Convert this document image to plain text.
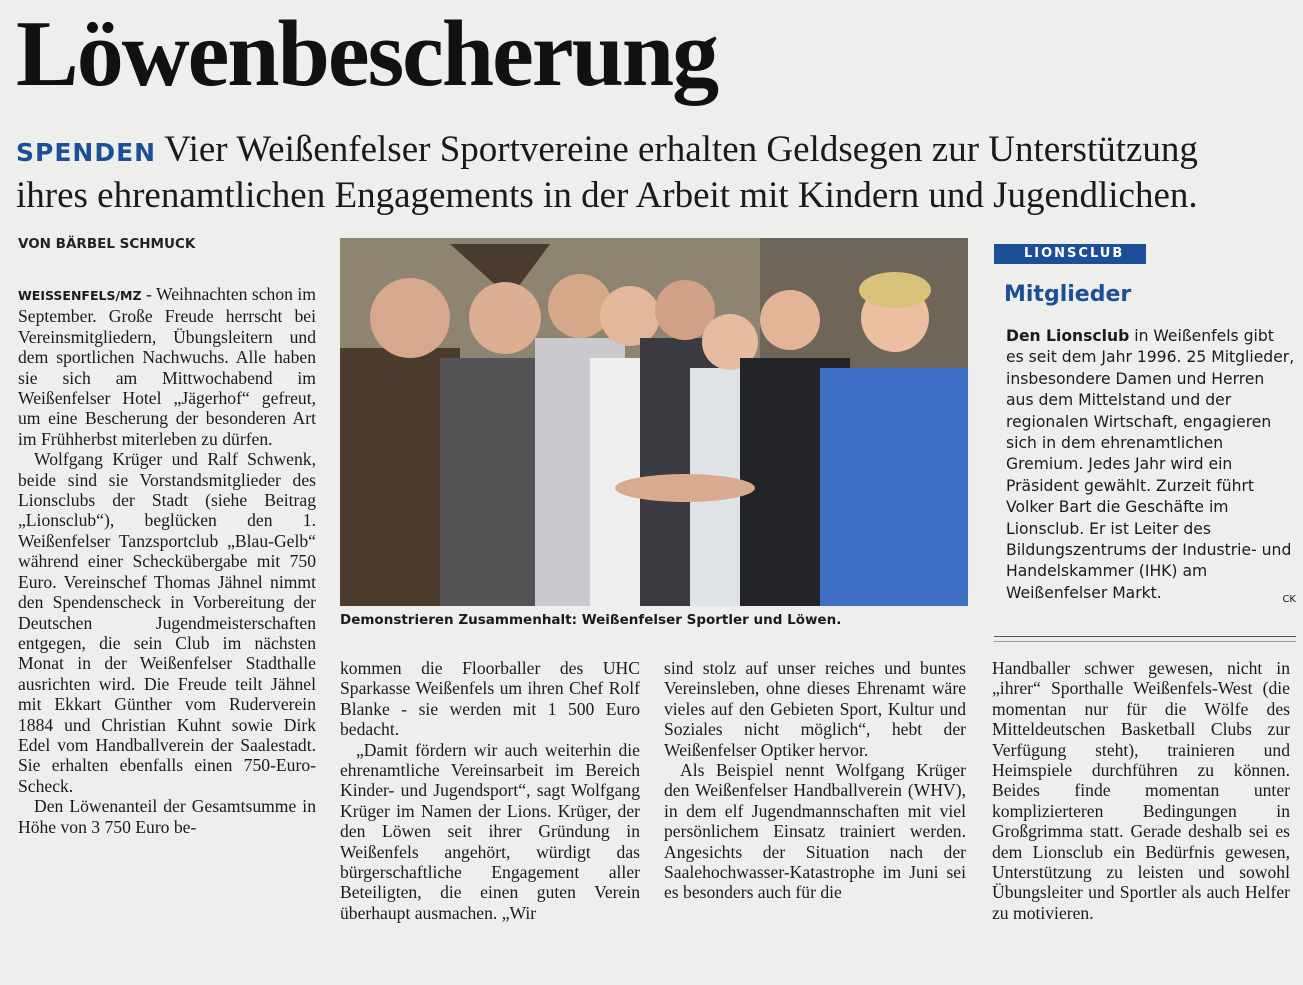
Löwenbescherung
SPENDEN Vier Weißenfelser Sportvereine erhalten Geldsegen zur Unterstützung ihres ehrenamtlichen Engagements in der Arbeit mit Kindern und Jugendlichen.
VON BÄRBEL SCHMUCK

WEISSENFELS/MZ - Weihnachten schon im September. Große Freude herrscht bei Vereinsmitgliedern, Übungsleitern und dem sportlichen Nachwuchs. Alle haben sie sich am Mittwochabend im Weißenfelser Hotel „Jägerhof“ gefreut, um eine Bescherung der besonderen Art im Frühherbst miterleben zu dürfen.

Wolfgang Krüger und Ralf Schwenk, beide sind sie Vorstandsmitglieder des Lionsclubs der Stadt (siehe Beitrag „Lionsclub“), beglücken den 1. Weißenfelser Tanzsportclub „Blau-Gelb“ während einer Scheckübergabe mit 750 Euro. Vereinschef Thomas Jähnel nimmt den Spendenscheck in Vorbereitung der Deutschen Jugendmeisterschaften entgegen, die sein Club im nächsten Monat in der Weißenfelser Stadthalle ausrichten wird. Die Freude teilt Jähnel mit Ekkart Günther vom Ruderverein 1884 und Christian Kuhnt sowie Dirk Edel vom Handballverein der Saalestadt. Sie erhalten ebenfalls einen 750-Euro-Scheck.

Den Löwenanteil der Gesamtsumme in Höhe von 3 750 Euro be-

Demonstrieren Zusammenhalt: Weißenfelser Sportler und Löwen.
LIONSCLUB
Mitglieder
Den Lionsclub in Weißenfels gibt es seit dem Jahr 1996. 25 Mitglieder, insbesondere Damen und Herren aus dem Mittelstand und der regionalen Wirtschaft, engagieren sich in dem ehrenamtlichen Gremium. Jedes Jahr wird ein Präsident gewählt. Zurzeit führt Volker Bart die Geschäfte im Lionsclub. Er ist Leiter des Bildungszentrums der Industrie- und Handelskammer (IHK) am Weißenfelser Markt.	CK

kommen die Floorballer des UHC Sparkasse Weißenfels um ihren Chef Rolf Blanke - sie werden mit 1 500 Euro bedacht.

„Damit fördern wir auch weiterhin die ehrenamtliche Vereinsarbeit im Bereich Kinder- und Jugendsport“, sagt Wolfgang Krüger im Namen der Lions. Krüger, der den Löwen seit ihrer Gründung in Weißenfels angehört, würdigt das bürgerschaftliche Engagement aller Beteiligten, die einen guten Verein überhaupt ausmachen. „Wir

sind stolz auf unser reiches und buntes Vereinsleben, ohne dieses Ehrenamt wäre vieles auf den Gebieten Sport, Kultur und Soziales nicht möglich“, hebt der Weißenfelser Optiker hervor.

Als Beispiel nennt Wolfgang Krüger den Weißenfelser Handballverein (WHV), in dem elf Jugendmannschaften mit viel persönlichem Einsatz trainiert werden. Angesichts der Situation nach der Saalehochwasser-Katastrophe im Juni sei es besonders auch für die

Handballer schwer gewesen, nicht in „ihrer“ Sporthalle Weißenfels-West (die momentan nur für die Wölfe des Mitteldeutschen Basketball Clubs zur Verfügung steht), trainieren und Heimspiele durchführen zu können. Beides finde momentan unter komplizierteren Bedingungen in Großgrimma statt. Gerade deshalb sei es dem Lionsclub ein Bedürfnis gewesen, Unterstützung zu leisten und sowohl Übungsleiter und Sportler als auch Helfer zu motivieren.
